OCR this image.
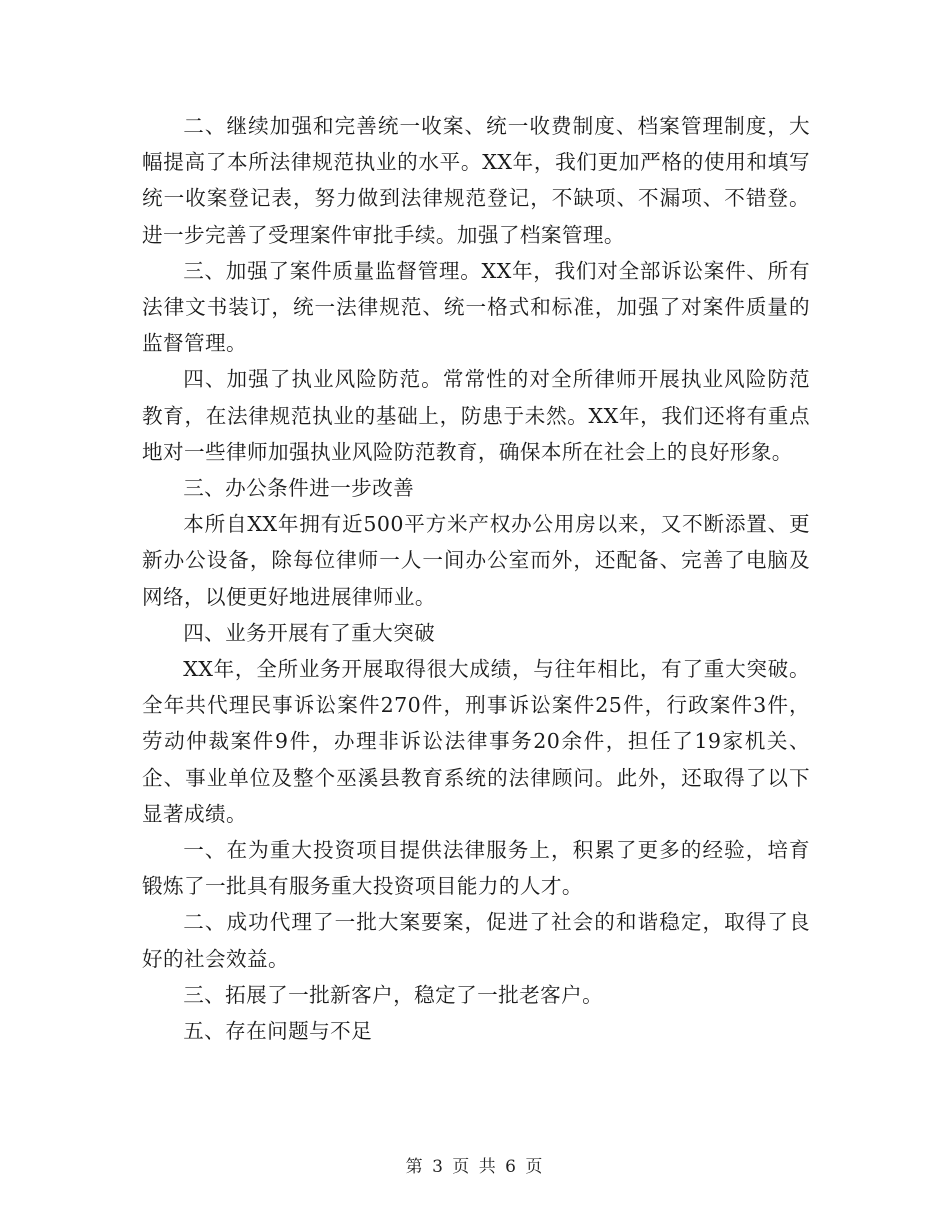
二、继续加强和完善统一收案、统一收费制度、档案管理制度，大幅提高了本所法律规范执业的水平。XX年，我们更加严格的使用和填写统一收案登记表，努力做到法律规范登记，不缺项、不漏项、不错登。进一步完善了受理案件审批手续。加强了档案管理。

三、加强了案件质量监督管理。XX年，我们对全部诉讼案件、所有法律文书装订，统一法律规范、统一格式和标准，加强了对案件质量的监督管理。

四、加强了执业风险防范。常常性的对全所律师开展执业风险防范教育，在法律规范执业的基础上，防患于未然。XX年，我们还将有重点地对一些律师加强执业风险防范教育，确保本所在社会上的良好形象。

三、办公条件进一步改善

本所自XX年拥有近500平方米产权办公用房以来，又不断添置、更新办公设备，除每位律师一人一间办公室而外，还配备、完善了电脑及网络，以便更好地进展律师业。

四、业务开展有了重大突破

XX年，全所业务开展取得很大成绩，与往年相比，有了重大突破。全年共代理民事诉讼案件270件，刑事诉讼案件25件，行政案件3件，劳动仲裁案件9件，办理非诉讼法律事务20余件，担任了19家机关、企、事业单位及整个巫溪县教育系统的法律顾问。此外，还取得了以下显著成绩。

一、在为重大投资项目提供法律服务上，积累了更多的经验，培育锻炼了一批具有服务重大投资项目能力的人才。

二、成功代理了一批大案要案，促进了社会的和谐稳定，取得了良好的社会效益。

三、拓展了一批新客户，稳定了一批老客户。

五、存在问题与不足

第 3 页 共 6 页
